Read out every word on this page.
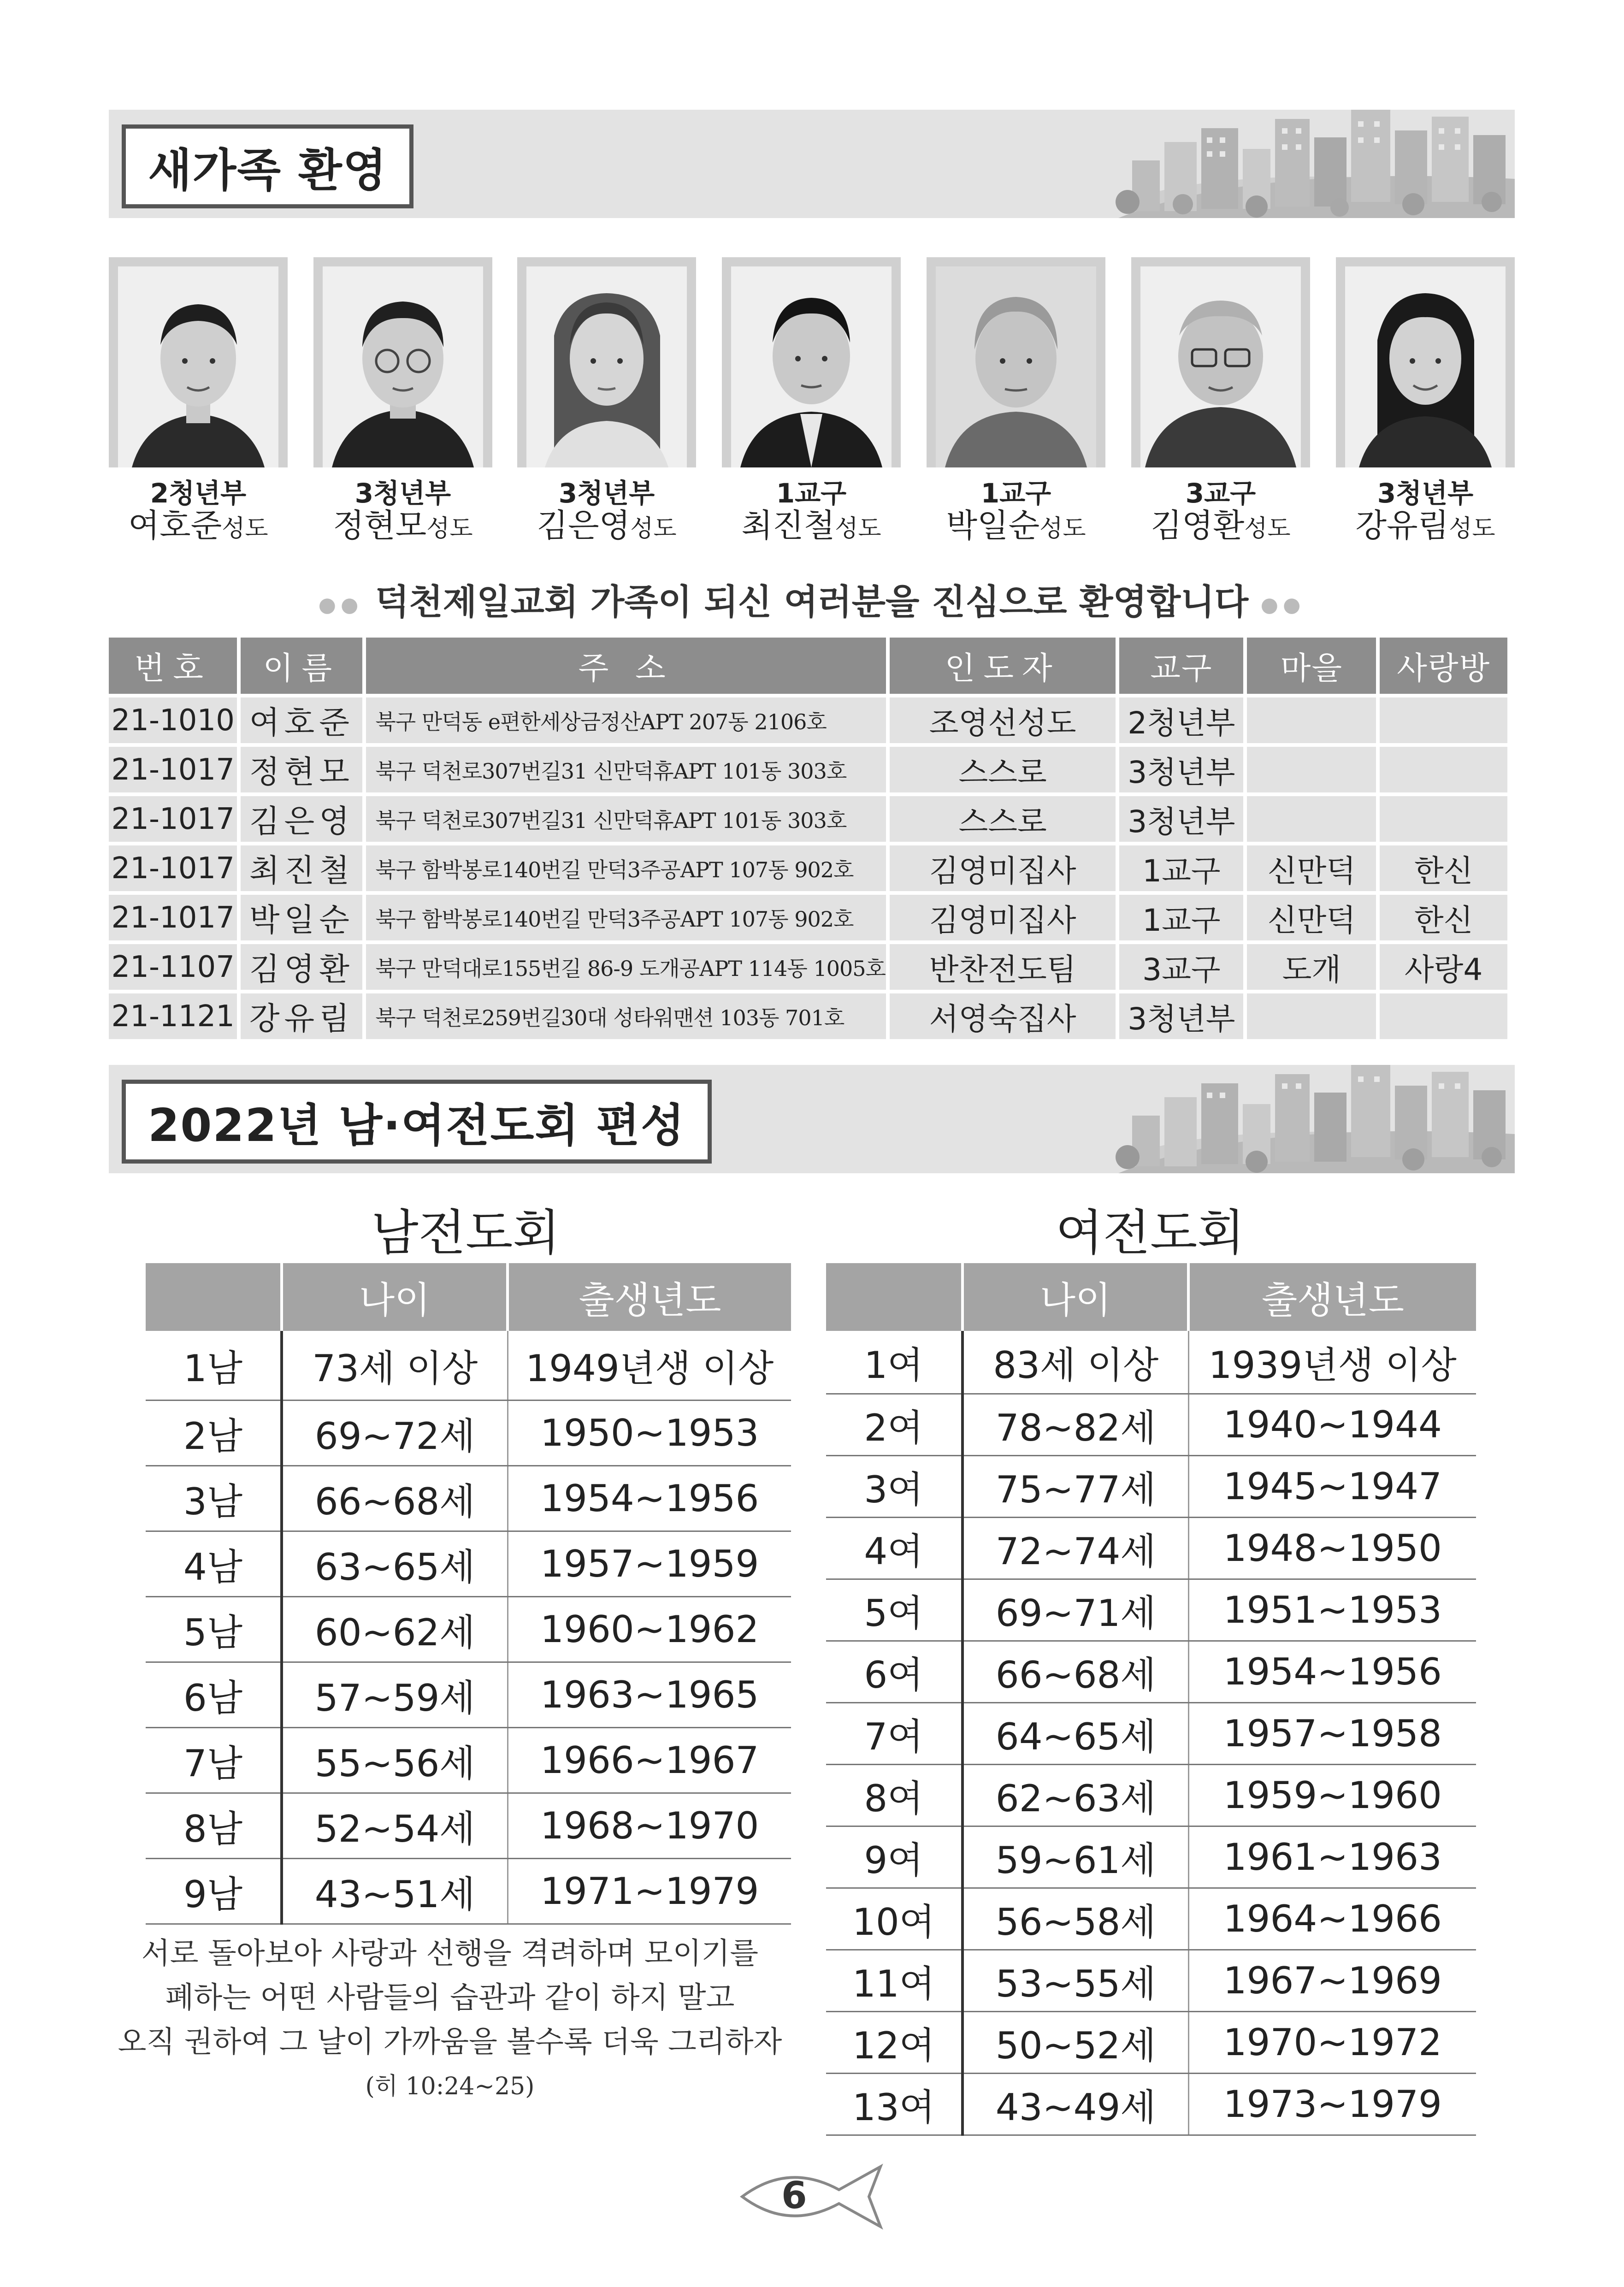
새가족 환영
2청년부
여호준성도
3청년부
정현모성도
3청년부
김은영성도
1교구
최진철성도
1교구
박일순성도
3교구
김영환성도
3청년부
강유림성도
●● 덕천제일교회 가족이 되신 여러분을 진심으로 환영합니다 ●●
번호	이름	주 소	인도자	교구	마을	사랑방
21-1010	여호준	북구 만덕동 e편한세상금정산APT 207동 2106호	조영선성도	2청년부		
21-1017	정현모	북구 덕천로307번길31 신만덕휴APT 101동 303호	스스로	3청년부		
21-1017	김은영	북구 덕천로307번길31 신만덕휴APT 101동 303호	스스로	3청년부		
21-1017	최진철	북구 함박봉로140번길 만덕3주공APT 107동 902호	김영미집사	1교구	신만덕	한신
21-1017	박일순	북구 함박봉로140번길 만덕3주공APT 107동 902호	김영미집사	1교구	신만덕	한신
21-1107	김영환	북구 만덕대로155번길 86-9 도개공APT 114동 1005호	반찬전도팀	3교구	도개	사랑4
21-1121	강유림	북구 덕천로259번길30대 성타워맨션 103동 701호	서영숙집사	3청년부		
2022년 남·여전도회 편성
남전도회
	나이	출생년도
1남	73세 이상	1949년생 이상
2남	69~72세	1950~1953
3남	66~68세	1954~1956
4남	63~65세	1957~1959
5남	60~62세	1960~1962
6남	57~59세	1963~1965
7남	55~56세	1966~1967
8남	52~54세	1968~1970
9남	43~51세	1971~1979
서로 돌아보아 사랑과 선행을 격려하며 모이기를
폐하는 어떤 사람들의 습관과 같이 하지 말고
오직 권하여 그 날이 가까움을 볼수록 더욱 그리하자
(히 10:24~25)
여전도회
	나이	출생년도
1여	83세 이상	1939년생 이상
2여	78~82세	1940~1944
3여	75~77세	1945~1947
4여	72~74세	1948~1950
5여	69~71세	1951~1953
6여	66~68세	1954~1956
7여	64~65세	1957~1958
8여	62~63세	1959~1960
9여	59~61세	1961~1963
10여	56~58세	1964~1966
11여	53~55세	1967~1969
12여	50~52세	1970~1972
13여	43~49세	1973~1979
6
